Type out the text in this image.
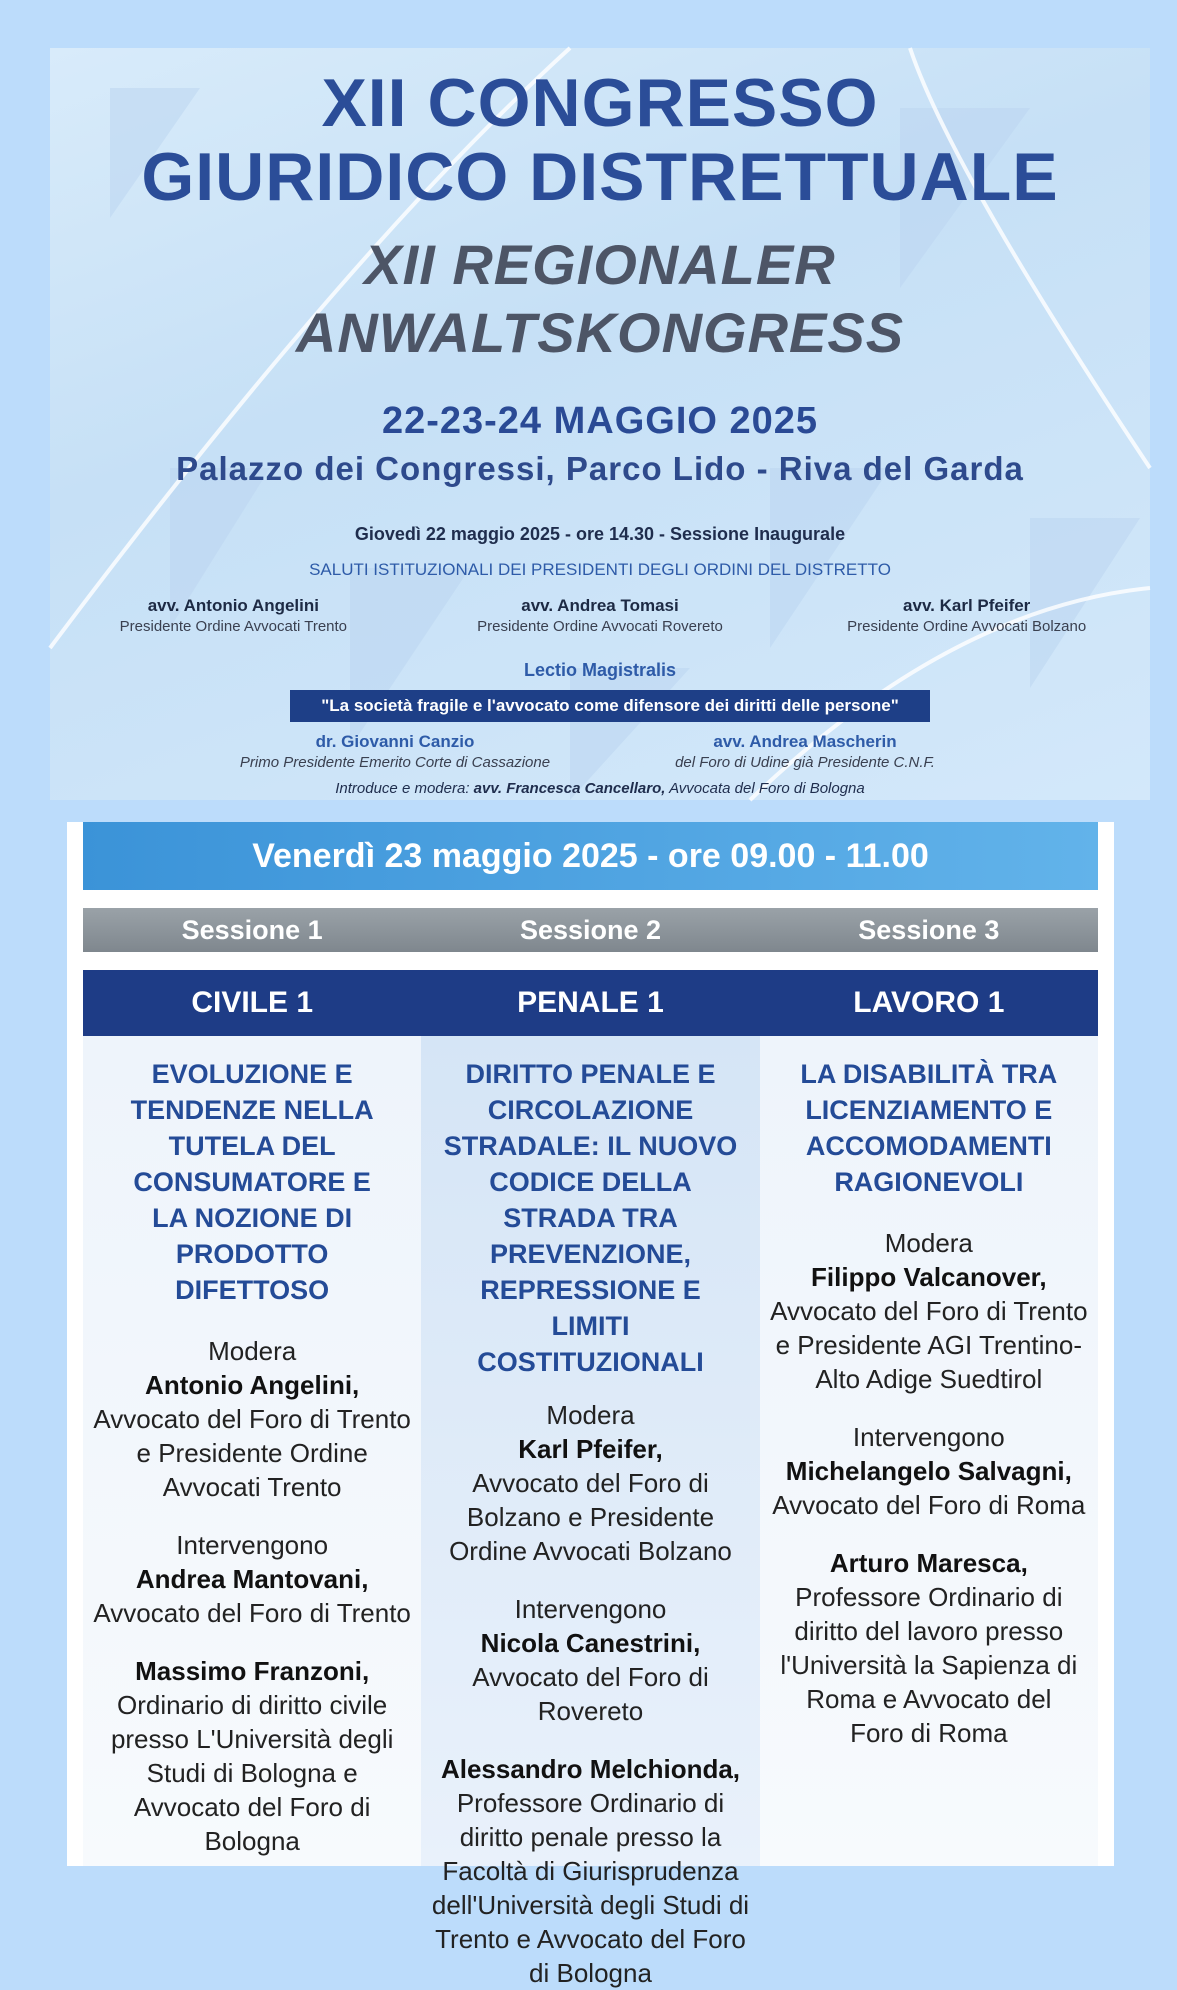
XII CONGRESSO
GIURIDICO DISTRETTUALE
XII REGIONALER
ANWALTSKONGRESS
22-23-24 MAGGIO 2025
Palazzo dei Congressi, Parco Lido - Riva del Garda
Giovedì 22 maggio 2025 - ore 14.30 - Sessione Inaugurale
SALUTI ISTITUZIONALI DEI PRESIDENTI DEGLI ORDINI DEL DISTRETTO
avv. Antonio Angelini
Presidente Ordine Avvocati Trento
avv. Andrea Tomasi
Presidente Ordine Avvocati Rovereto
avv. Karl Pfeifer
Presidente Ordine Avvocati Bolzano
Lectio Magistralis
"La società fragile e l'avvocato come difensore dei diritti delle persone"
dr. Giovanni Canzio
Primo Presidente Emerito Corte di Cassazione
avv. Andrea Mascherin
del Foro di Udine già Presidente C.N.F.
Introduce e modera: avv. Francesca Cancellaro, Avvocata del Foro di Bologna
Venerdì 23 maggio 2025 - ore 09.00 - 11.00
Sessione 1	Sessione 2	Sessione 3
CIVILE 1	PENALE 1	LAVORO 1
EVOLUZIONE E TENDENZE NELLA TUTELA DEL CONSUMATORE E LA NOZIONE DI PRODOTTO DIFETTOSO
Modera
Antonio Angelini,
Avvocato del Foro di Trento e Presidente Ordine Avvocati Trento
Intervengono
Andrea Mantovani,
Avvocato del Foro di Trento
Massimo Franzoni,
Ordinario di diritto civile presso L'Università degli Studi di Bologna e Avvocato del Foro di Bologna
DIRITTO PENALE E CIRCOLAZIONE STRADALE: IL NUOVO CODICE DELLA STRADA TRA PREVENZIONE, REPRESSIONE E LIMITI COSTITUZIONALI
Modera
Karl Pfeifer,
Avvocato del Foro di Bolzano e Presidente Ordine Avvocati Bolzano
Intervengono
Nicola Canestrini, Avvocato del Foro di Rovereto
Alessandro Melchionda,
Professore Ordinario di diritto penale presso la Facoltà di Giurisprudenza dell'Università degli Studi di Trento e Avvocato del Foro di Bologna
LA DISABILITÀ TRA LICENZIAMENTO E ACCOMODAMENTI RAGIONEVOLI
Modera
Filippo Valcanover,
Avvocato del Foro di Trento e Presidente AGI Trentino-Alto Adige Suedtirol
Intervengono
Michelangelo Salvagni,
Avvocato del Foro di Roma
Arturo Maresca,
Professore Ordinario di diritto del lavoro presso l'Università la Sapienza di Roma e Avvocato del Foro di Roma
